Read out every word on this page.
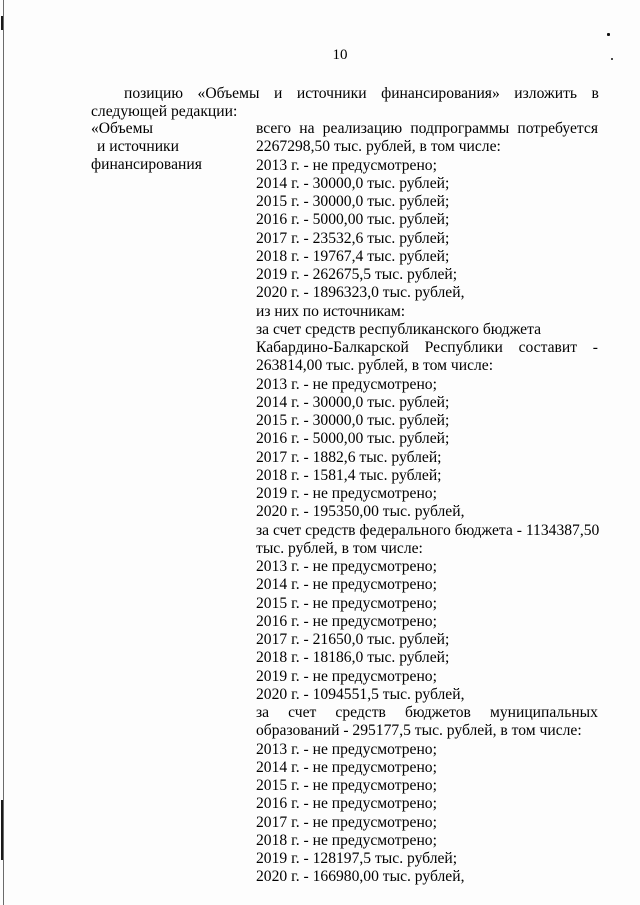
10
позицию «Объемы и источники финансирования» изложить в
следующей редакции:
«Объемы
и источники
финансирования
всего на реализацию подпрограммы потребуется
2267298,50 тыс. рублей, в том числе:
2013 г. - не предусмотрено;
2014 г. - 30000,0 тыс. рублей;
2015 г. - 30000,0 тыс. рублей;
2016 г. - 5000,00 тыс. рублей;
2017 г. - 23532,6 тыс. рублей;
2018 г. - 19767,4 тыс. рублей;
2019 г. - 262675,5 тыс. рублей;
2020 г. - 1896323,0 тыс. рублей,
из них по источникам:
за счет средств республиканского бюджета
Кабардино-Балкарской Республики составит -
263814,00 тыс. рублей, в том числе:
2013 г. - не предусмотрено;
2014 г. - 30000,0 тыс. рублей;
2015 г. - 30000,0 тыс. рублей;
2016 г. - 5000,00 тыс. рублей;
2017 г. - 1882,6 тыс. рублей;
2018 г. - 1581,4 тыс. рублей;
2019 г. - не предусмотрено;
2020 г. - 195350,00 тыс. рублей,
за счет средств федерального бюджета - 1134387,50
тыс. рублей, в том числе:
2013 г. - не предусмотрено;
2014 г. - не предусмотрено;
2015 г. - не предусмотрено;
2016 г. - не предусмотрено;
2017 г. - 21650,0 тыс. рублей;
2018 г. - 18186,0 тыс. рублей;
2019 г. - не предусмотрено;
2020 г. - 1094551,5 тыс. рублей,
за счет средств бюджетов муниципальных
образований - 295177,5 тыс. рублей, в том числе:
2013 г. - не предусмотрено;
2014 г. - не предусмотрено;
2015 г. - не предусмотрено;
2016 г. - не предусмотрено;
2017 г. - не предусмотрено;
2018 г. - не предусмотрено;
2019 г. - 128197,5 тыс. рублей;
2020 г. - 166980,00 тыс. рублей,
